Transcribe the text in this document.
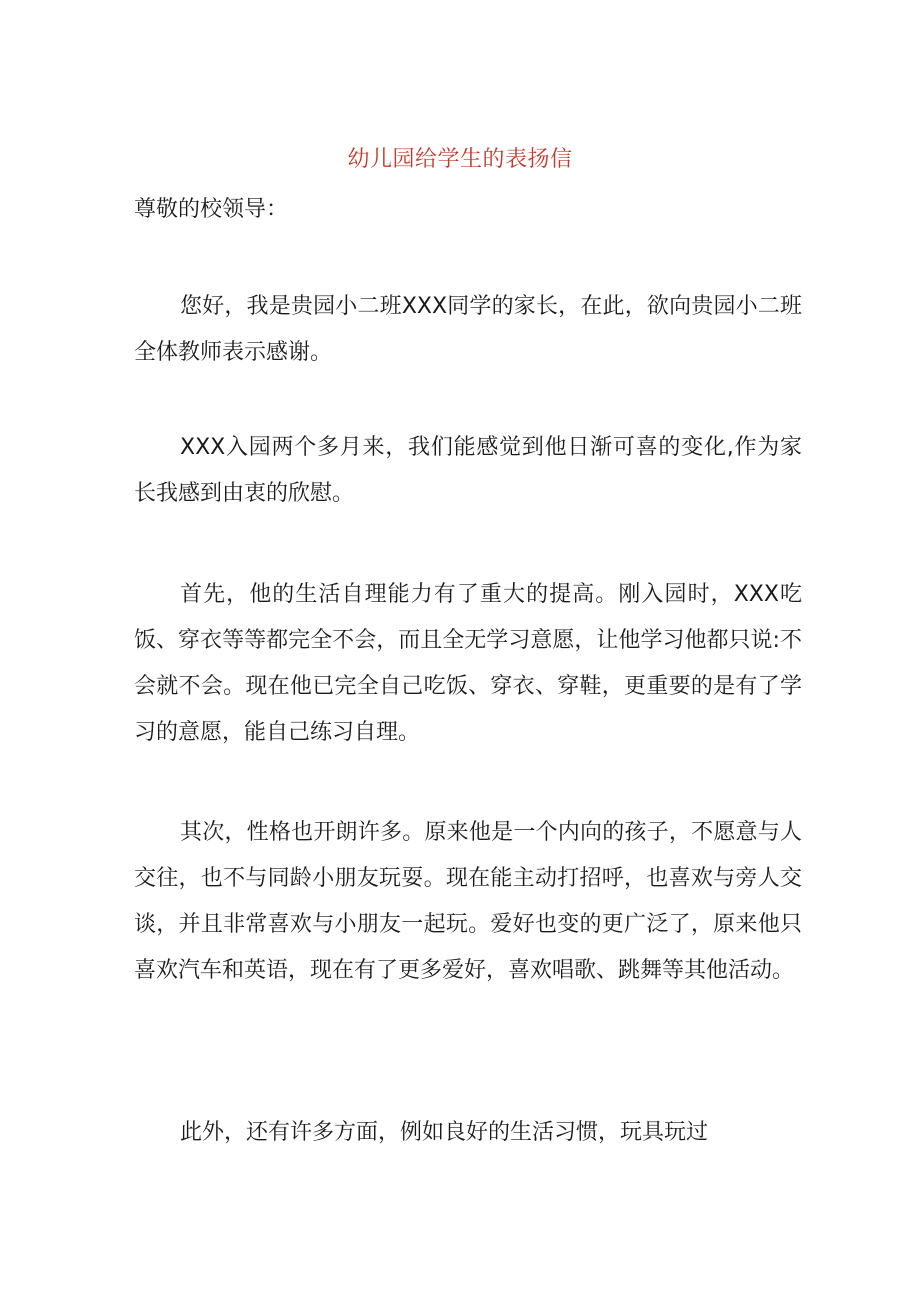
幼儿园给学生的表扬信

尊敬的校领导：

您好，我是贵园小二班XXX同学的家长，在此，欲向贵园小二班全体教师表示感谢。

XXX入园两个多月来，我们能感觉到他日渐可喜的变化,作为家长我感到由衷的欣慰。

首先，他的生活自理能力有了重大的提高。刚入园时，XXX吃饭、穿衣等等都完全不会，而且全无学习意愿，让他学习他都只说:不会就不会。现在他已完全自己吃饭、穿衣、穿鞋，更重要的是有了学习的意愿，能自己练习自理。

其次，性格也开朗许多。原来他是一个内向的孩子，不愿意与人交往，也不与同龄小朋友玩耍。现在能主动打招呼，也喜欢与旁人交谈，并且非常喜欢与小朋友一起玩。爱好也变的更广泛了，原来他只喜欢汽车和英语，现在有了更多爱好，喜欢唱歌、跳舞等其他活动。

此外，还有许多方面，例如良好的生活习惯，玩具玩过
